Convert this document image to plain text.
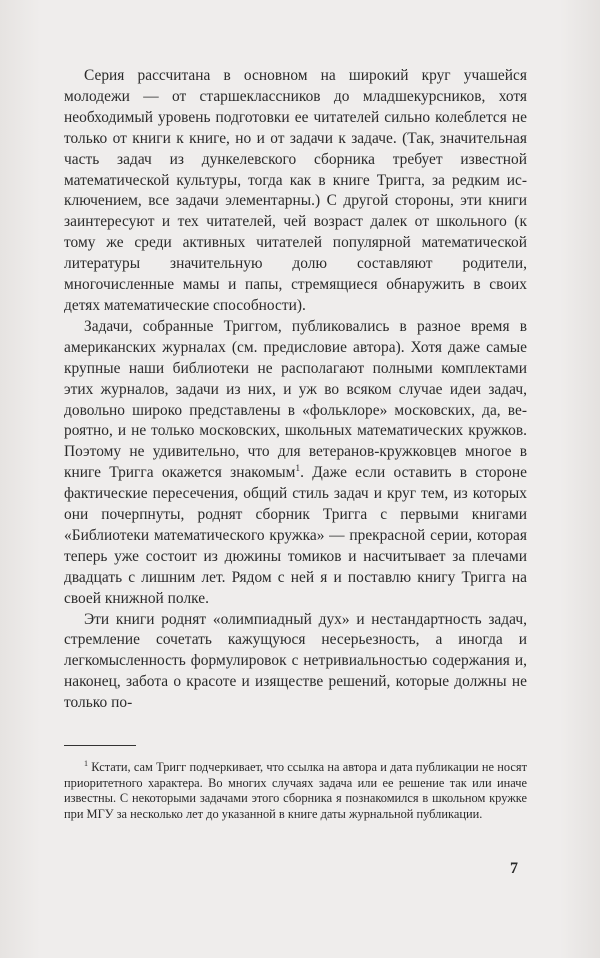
Серия рассчитана в основном на широкий круг учашейся молодежи — от старшеклассников до младшекурсников, хотя необходимый уровень подготовки ее читателей сильно колеблется не только от книги к книге, но и от задачи к задаче. (Так, значительная часть задач из дункелевского сборника требует известной математической культуры, тогда как в книге Тригга, за редким исключением, все задачи элементарны.) С другой стороны, эти книги заинтересуют и тех читателей, чей возраст далек от школьного (к тому же среди активных читателей популярной математической литературы значительную долю составляют родители, многочисленные мамы и папы, стремящиеся обнаружить в своих детях математические способности).

Задачи, собранные Триггом, публиковались в разное время в американских журналах (см. предисловие автора). Хотя даже самые крупные наши библиотеки не располагают полными комплектами этих журналов, задачи из них, и уж во всяком случае идеи задач, довольно широко представлены в «фольклоре» московских, да, вероятно, и не только московских, школьных математических кружков. Поэтому не удивительно, что для ветеранов-кружковцев многое в книге Тригга окажется знакомым$^1$. Даже если оставить в стороне фактические пересечения, общий стиль задач и круг тем, из которых они почерпнуты, роднят сборник Тригга с первыми книгами «Библиотеки математического кружка» — прекрасной серии, которая теперь уже состоит из дюжины томиков и насчитывает за плечами двадцать с лишним лет. Рядом с ней я и поставлю книгу Тригга на своей книжной полке.

Эти книги роднят «олимпиадный дух» и нестандартность задач, стремление сочетать кажущуюся несерьезность, а иногда и легкомысленность формулировок с нетривиальностью содержания и, наконец, забота о красоте и изяществе решений, которые должны не только по-

$^1$ Кстати, сам Тригг подчеркивает, что ссылка на автора и дата публикации не носят приоритетного характера. Во многих случаях задача или ее решение так или иначе известны. С некоторыми задачами этого сборника я познакомился в школьном кружке при МГУ за несколько лет до указанной в книге даты журнальной публикации.

7
